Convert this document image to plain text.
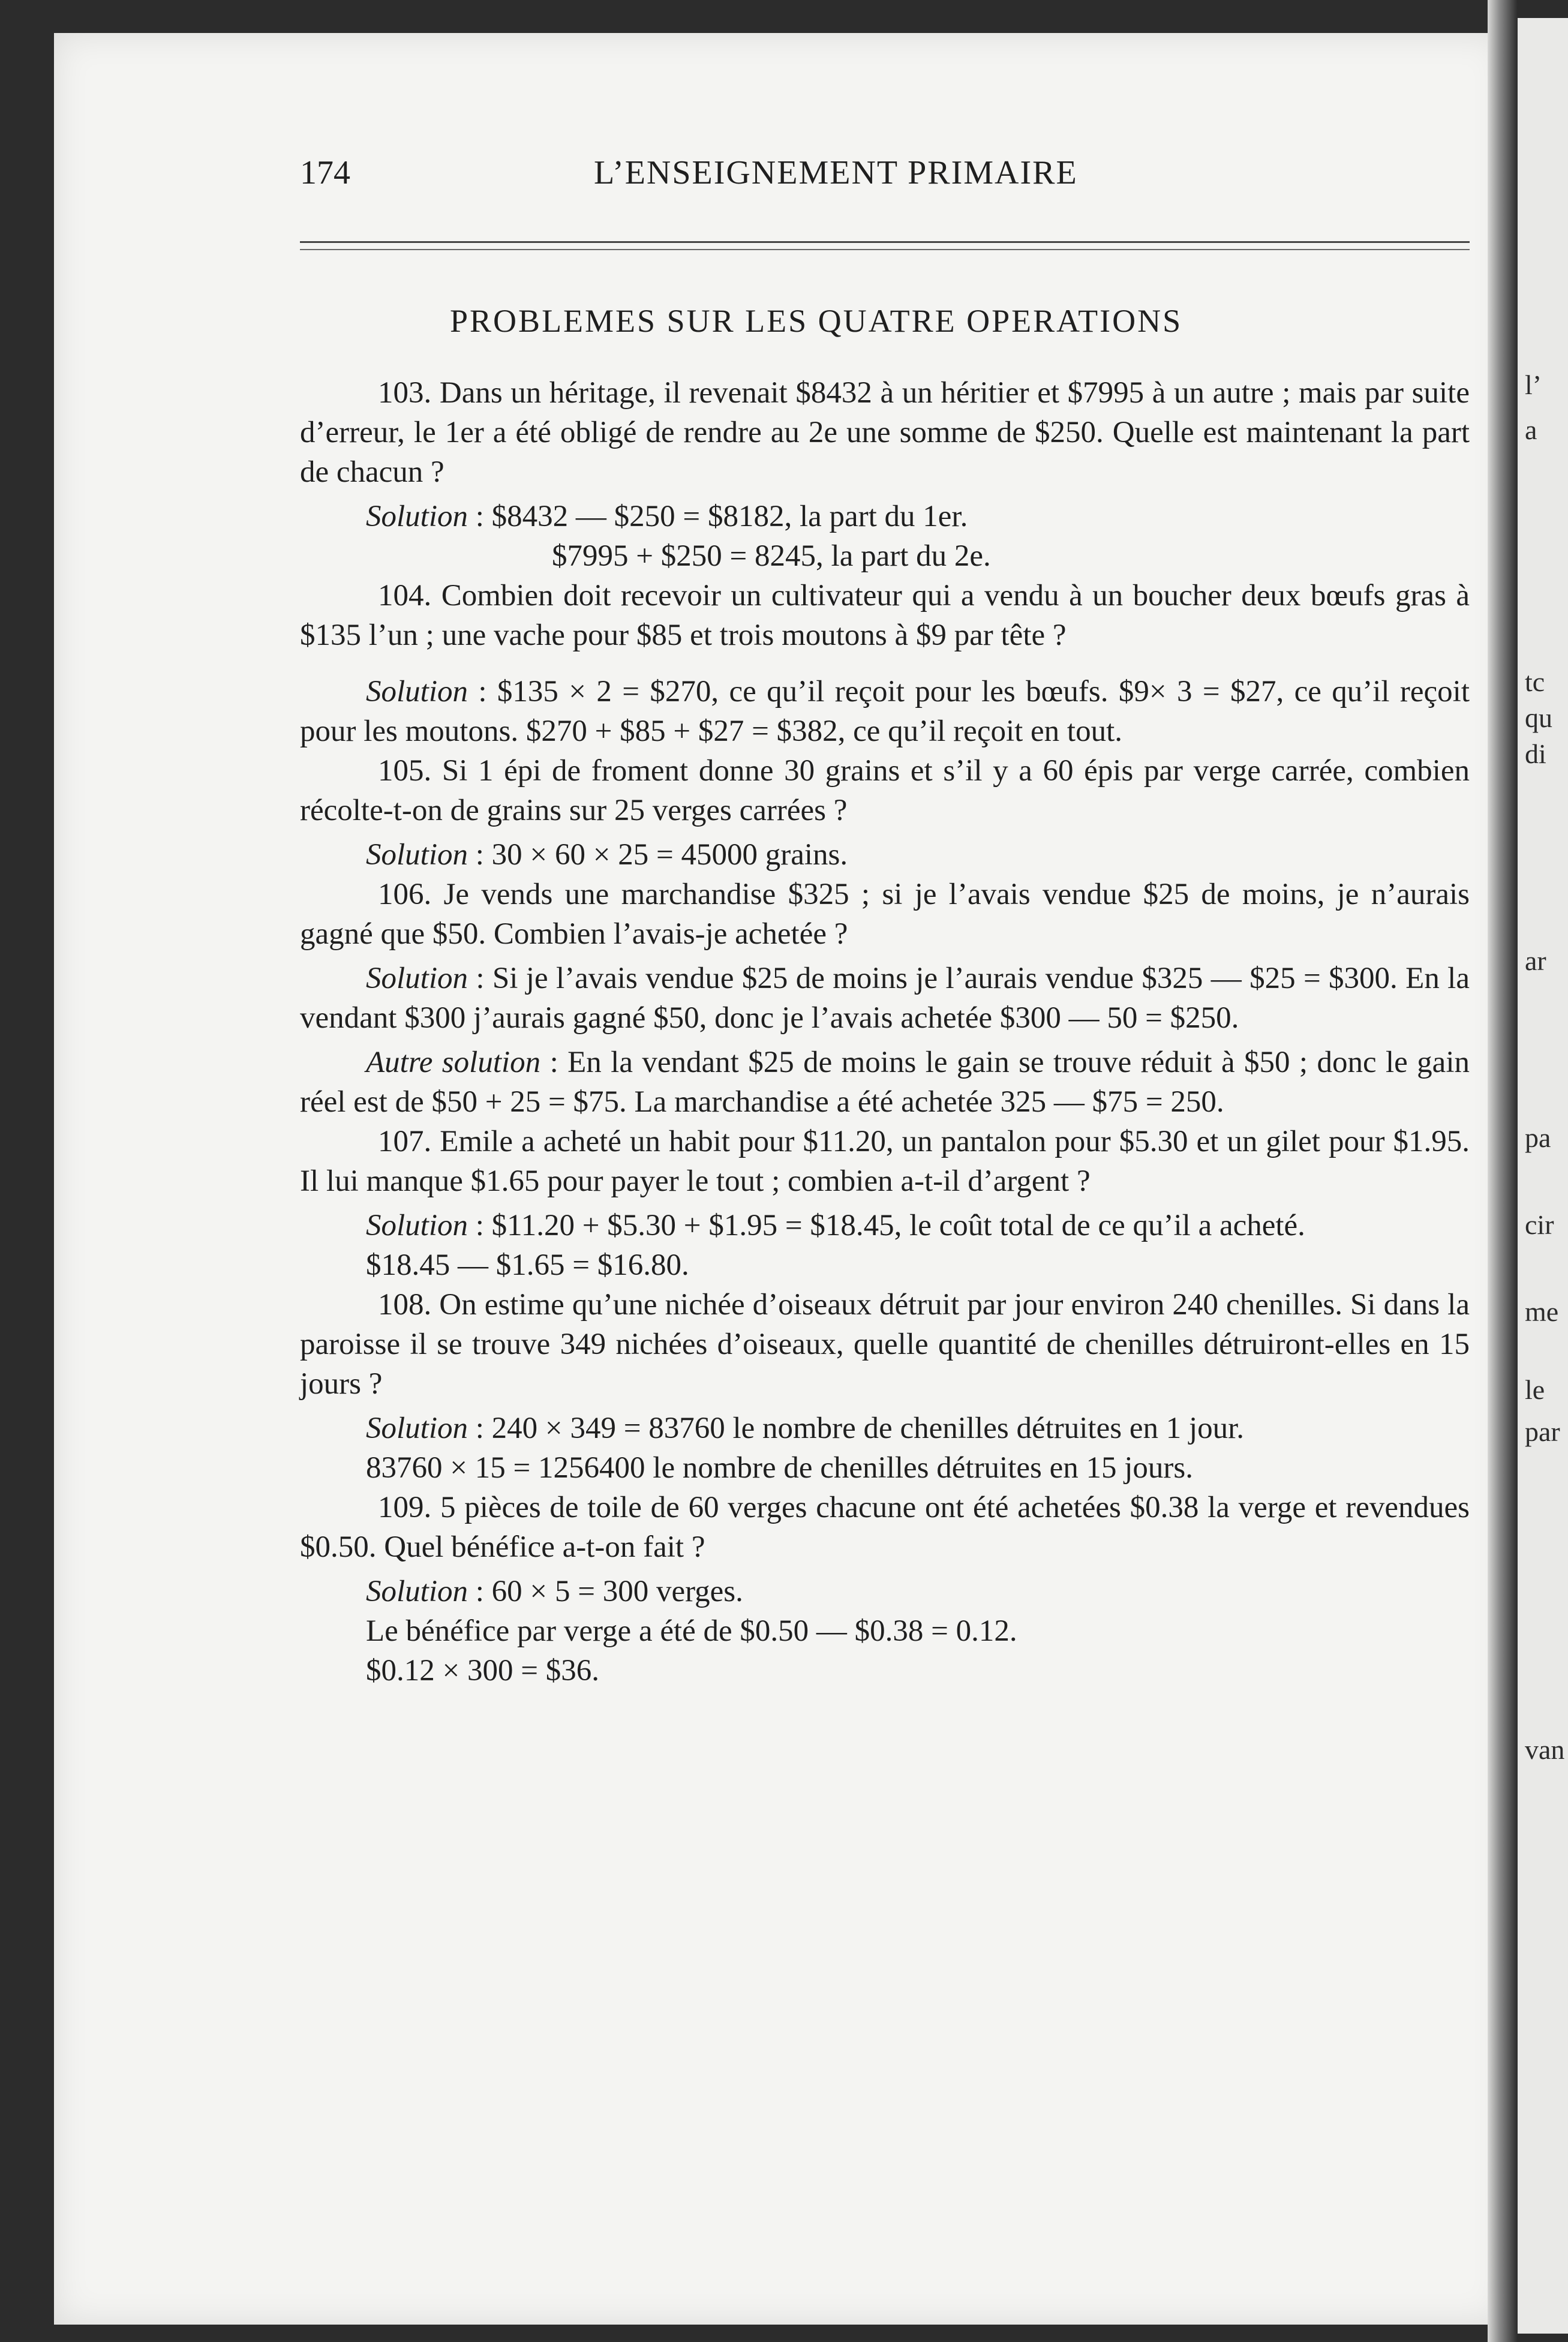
l’
a
tc
qu
di
ar
pa
cir
me
le
par
van
174	L’ENSEIGNEMENT PRIMAIRE
PROBLEMES SUR LES QUATRE OPERATIONS

103. Dans un héritage, il revenait $8432 à un héritier et $7995 à un autre ; mais par suite d’erreur, le 1er a été obligé de rendre au 2e une somme de $250. Quelle est maintenant la part de chacun ?

Solution : $8432 — $250 = $8182, la part du 1er.

$7995 + $250 = 8245, la part du 2e.

104. Combien doit recevoir un cultivateur qui a vendu à un boucher deux bœufs gras à $135 l’un ; une vache pour $85 et trois moutons à $9 par tête ?

Solution : $135 × 2 = $270, ce qu’il reçoit pour les bœufs. $9× 3 = $27, ce qu’il reçoit pour les moutons. $270 + $85 + $27 = $382, ce qu’il reçoit en tout.

105. Si 1 épi de froment donne 30 grains et s’il y a 60 épis par verge carrée, combien récolte-t-on de grains sur 25 verges carrées ?

Solution : 30 × 60 × 25 = 45000 grains.

106. Je vends une marchandise $325 ; si je l’avais vendue $25 de moins, je n’aurais gagné que $50. Combien l’avais-je achetée ?

Solution : Si je l’avais vendue $25 de moins je l’aurais vendue $325 — $25 = $300. En la vendant $300 j’aurais gagné $50, donc je l’avais achetée $300 — 50 = $250.

Autre solution : En la vendant $25 de moins le gain se trouve réduit à $50 ; donc le gain réel est de $50 + 25 = $75. La marchandise a été achetée 325 — $75 = 250.

107. Emile a acheté un habit pour $11.20, un pantalon pour $5.30 et un gilet pour $1.95. Il lui manque $1.65 pour payer le tout ; combien a-t-il d’argent ?

Solution : $11.20 + $5.30 + $1.95 = $18.45, le coût total de ce qu’il a acheté.

$18.45 — $1.65 = $16.80.

108. On estime qu’une nichée d’oiseaux détruit par jour environ 240 chenilles. Si dans la paroisse il se trouve 349 nichées d’oiseaux, quelle quantité de chenilles détruiront-elles en 15 jours ?

Solution : 240 × 349 = 83760 le nombre de chenilles détruites en 1 jour.

83760 × 15 = 1256400 le nombre de chenilles détruites en 15 jours.

109. 5 pièces de toile de 60 verges chacune ont été achetées $0.38 la verge et revendues $0.50. Quel bénéfice a-t-on fait ?

Solution : 60 × 5 = 300 verges.

Le bénéfice par verge a été de $0.50 — $0.38 = 0.12.

$0.12 × 300 = $36.
